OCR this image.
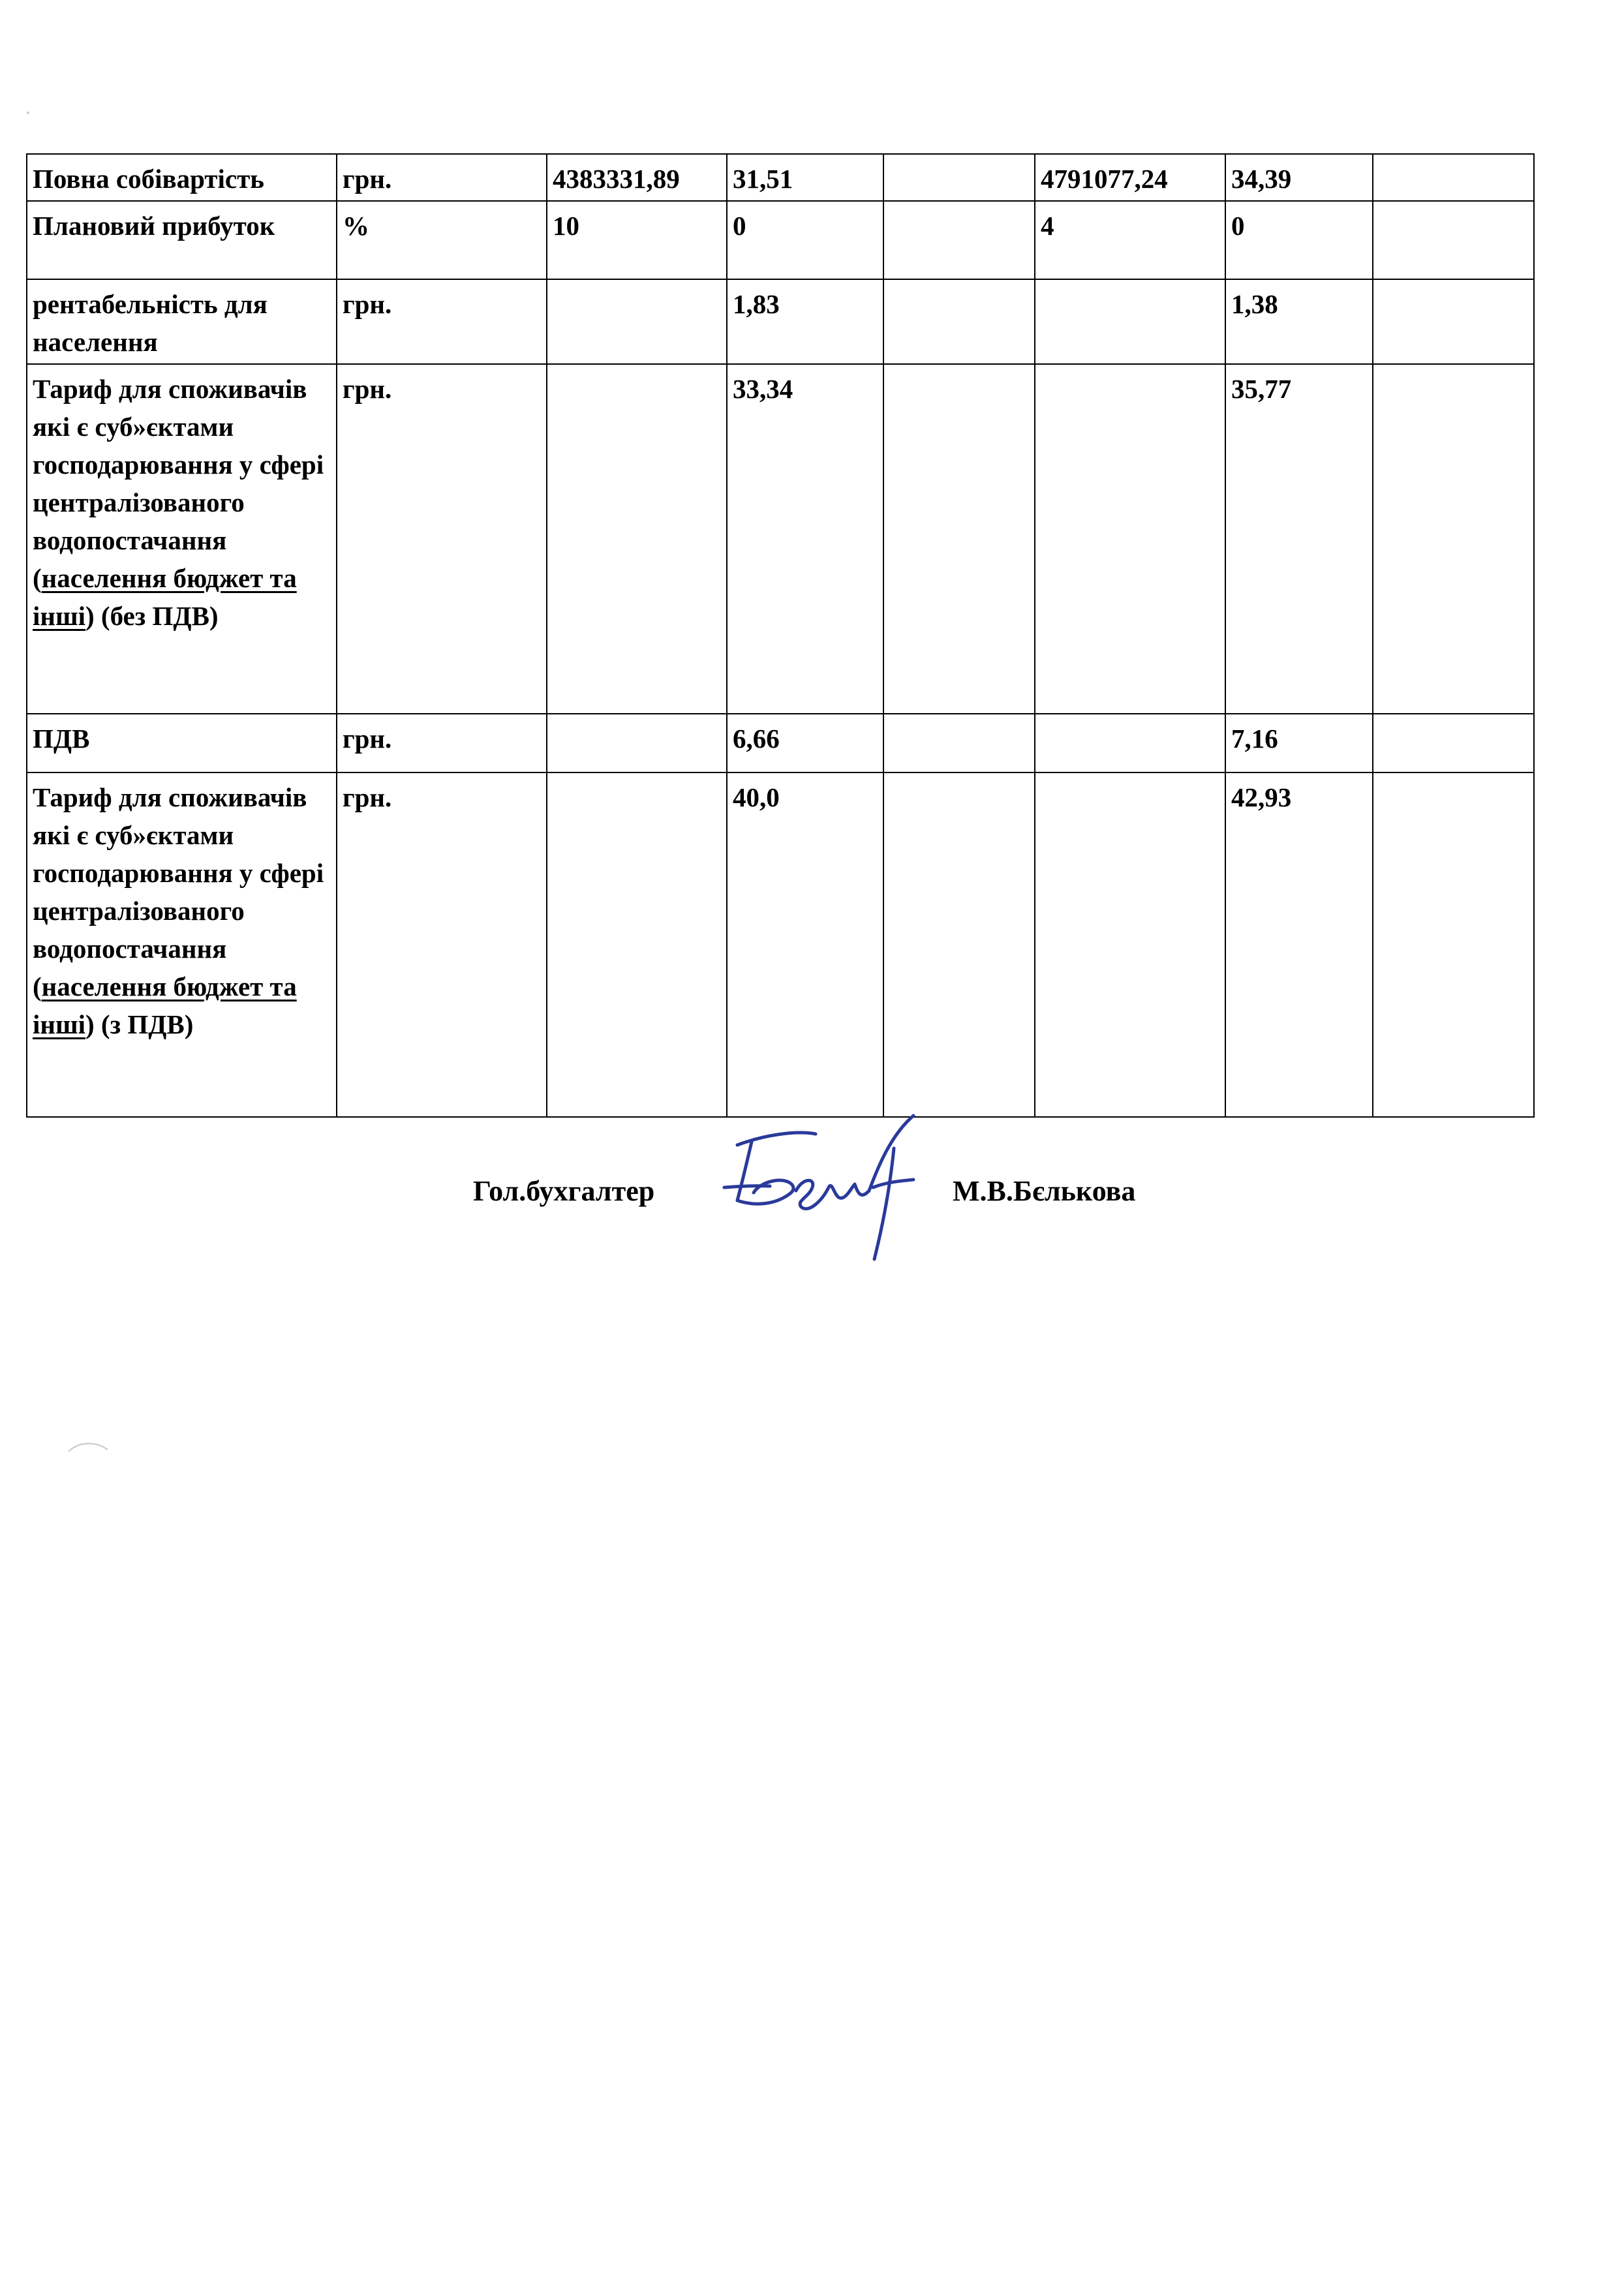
Повна собівартість	грн.	4383331,89	31,51		4791077,24	34,39	
Плановий прибуток	%	10	0		4	0	
рентабельність для населення	грн.		1,83			1,38	
Тариф для споживачів які є суб»єктами господарювання у сфері централізованого водопостачання (населення бюджет та інші) (без ПДВ)	грн.		33,34			35,77	
ПДВ	грн.		6,66			7,16	
Тариф для споживачів які є суб»єктами господарювання у сфері централізованого водопостачання (населення бюджет та інші) (з ПДВ)	грн.		40,0			42,93	
Гол.бухгалтер	М.В.Бєлькова
